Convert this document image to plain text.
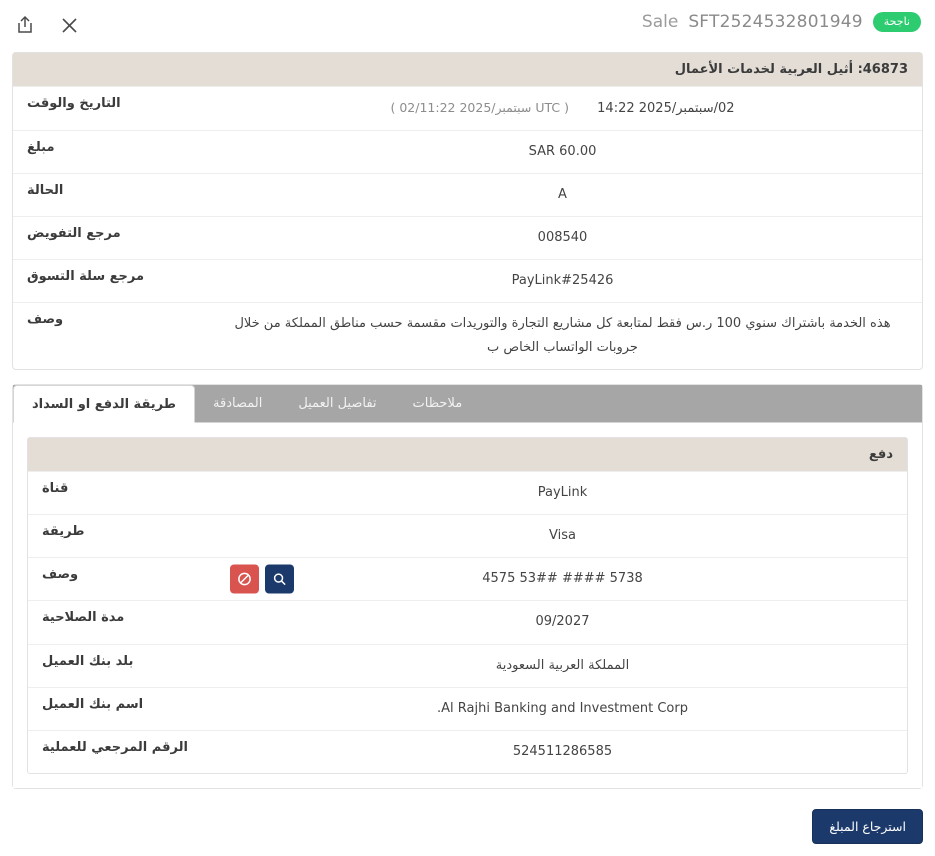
Sale SFT2524532801949	ناجحة
46873: أثيل العربية لخدمات الأعمال
التاريخ والوقت	02/سبتمبر/2025 14:22 ( 02/سبتمبر/2025 11:22 UTC )
مبلغ	SAR 60.00
الحالة	A
مرجع التفويض	008540
مرجع سلة التسوق	PayLink#25426
وصف	هذه الخدمة باشتراك سنوي 100 ر.س فقط لمتابعة كل مشاريع التجارة والتوريدات مقسمة حسب مناطق المملكة من خلال جروبات الواتساب الخاص ب
طريقة الدفع او السداد	المصادقة	تفاصيل العميل	ملاحظات
دفع
قناة	PayLink
طريقة	Visa
وصف	5738 #### 53## 4575
مدة الصلاحية	09/2027
بلد بنك العميل	المملكة العربية السعودية
اسم بنك العميل	Al Rajhi Banking and Investment Corp.
الرقم المرجعي للعملية	524511286585
استرجاع المبلغ
